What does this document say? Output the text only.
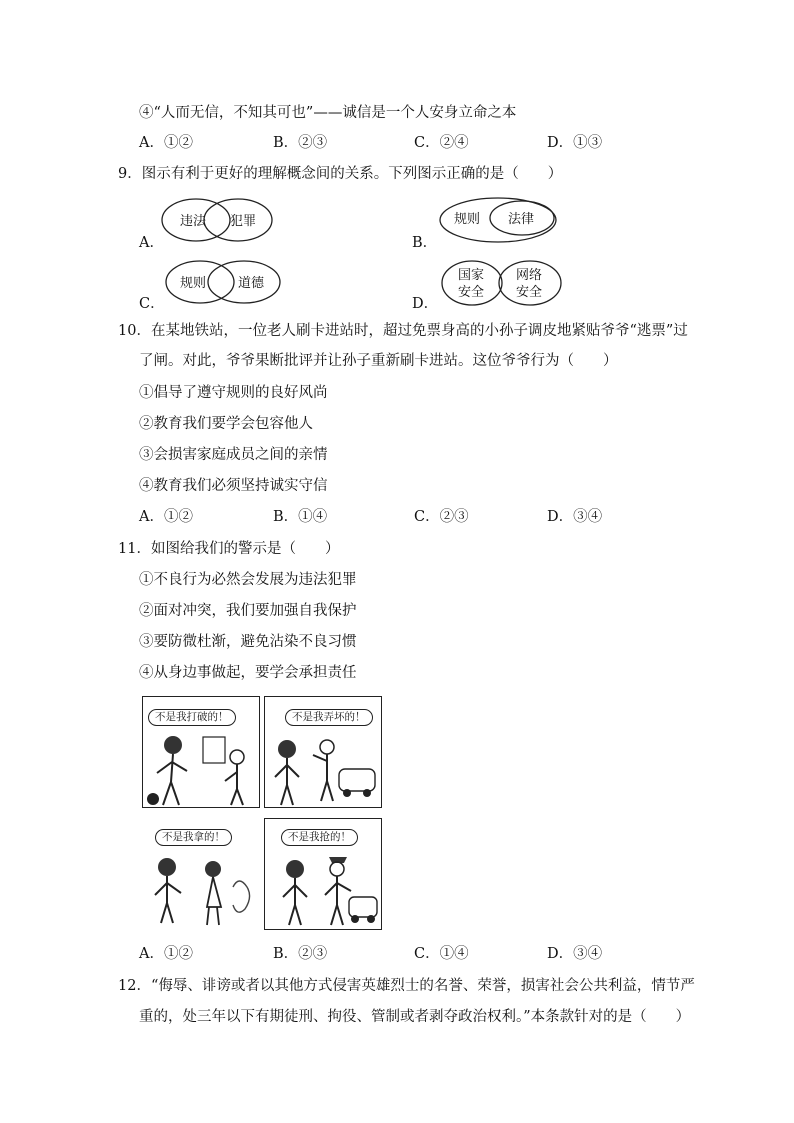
④“人而无信，不知其可也”——诚信是一个人安身立命之本
A．①②	B．②③	C．②④	D．①③
9．图示有利于更好的理解概念间的关系。下列图示正确的是（　　）
A．
违法 犯罪
B．
规则 法律
C．
规则 道德
D．
国家
安全
网络
安全
10．在某地铁站，一位老人刷卡进站时，超过免票身高的小孙子调皮地紧贴爷爷“逃票”过
了闸。对此，爷爷果断批评并让孙子重新刷卡进站。这位爷爷行为（　　）
①倡导了遵守规则的良好风尚
②教育我们要学会包容他人
③会损害家庭成员之间的亲情
④教育我们必须坚持诚实守信
A．①②	B．①④	C．②③	D．③④
11．如图给我们的警示是（　　）
①不良行为必然会发展为违法犯罪
②面对冲突，我们要加强自我保护
③要防微杜渐，避免沾染不良习惯
④从身边事做起，要学会承担责任
不是我打破的！	不是我弄坏的！
不是我拿的！	不是我抢的！
A．①②	B．②③	C．①④	D．③④
12．“侮辱、诽谤或者以其他方式侵害英雄烈士的名誉、荣誉，损害社会公共利益，情节严
重的，处三年以下有期徒刑、拘役、管制或者剥夺政治权利。”本条款针对的是（　　）
